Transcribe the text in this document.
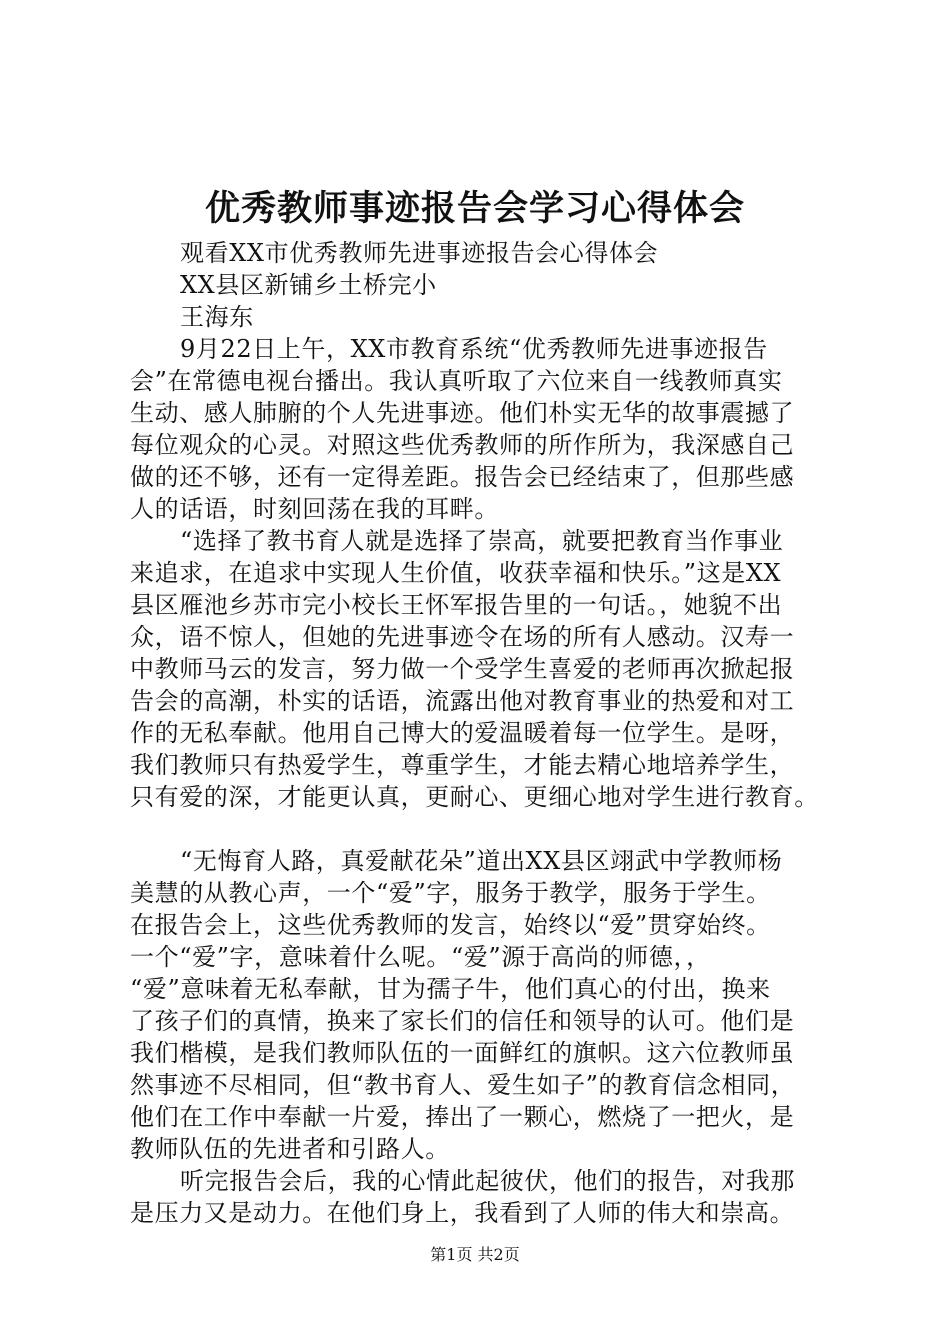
优秀教师事迹报告会学习心得体会
观看XX市优秀教师先进事迹报告会心得体会
XX县区新铺乡土桥完小
王海东
9月22日上午，XX市教育系统“优秀教师先进事迹报告
会”在常德电视台播出。我认真听取了六位来自一线教师真实
生动、感人肺腑的个人先进事迹。他们朴实无华的故事震撼了
每位观众的心灵。对照这些优秀教师的所作所为，我深感自己
做的还不够，还有一定得差距。报告会已经结束了，但那些感
人的话语，时刻回荡在我的耳畔。
“选择了教书育人就是选择了崇高，就要把教育当作事业
来追求，在追求中实现人生价值，收获幸福和快乐。”这是XX
县区雁池乡苏市完小校长王怀军报告里的一句话。，她貌不出
众，语不惊人，但她的先进事迹令在场的所有人感动。汉寿一
中教师马云的发言，努力做一个受学生喜爱的老师再次掀起报
告会的高潮，朴实的话语，流露出他对教育事业的热爱和对工
作的无私奉献。他用自己博大的爱温暖着每一位学生。是呀，
我们教师只有热爱学生，尊重学生，才能去精心地培养学生，
只有爱的深，才能更认真，更耐心、更细心地对学生进行教育。
“无悔育人路，真爱献花朵”道出XX县区翊武中学教师杨
美慧的从教心声，一个“爱”字，服务于教学，服务于学生。
在报告会上，这些优秀教师的发言，始终以“爱”贯穿始终。
一个“爱”字，意味着什么呢。“爱”源于高尚的师德，，
“爱”意味着无私奉献，甘为孺子牛，他们真心的付出，换来
了孩子们的真情，换来了家长们的信任和领导的认可。他们是
我们楷模，是我们教师队伍的一面鲜红的旗帜。这六位教师虽
然事迹不尽相同，但“教书育人、爱生如子”的教育信念相同，
他们在工作中奉献一片爱，捧出了一颗心，燃烧了一把火，是
教师队伍的先进者和引路人。
听完报告会后，我的心情此起彼伏，他们的报告，对我那
是压力又是动力。在他们身上，我看到了人师的伟大和崇高。
第1页 共2页
